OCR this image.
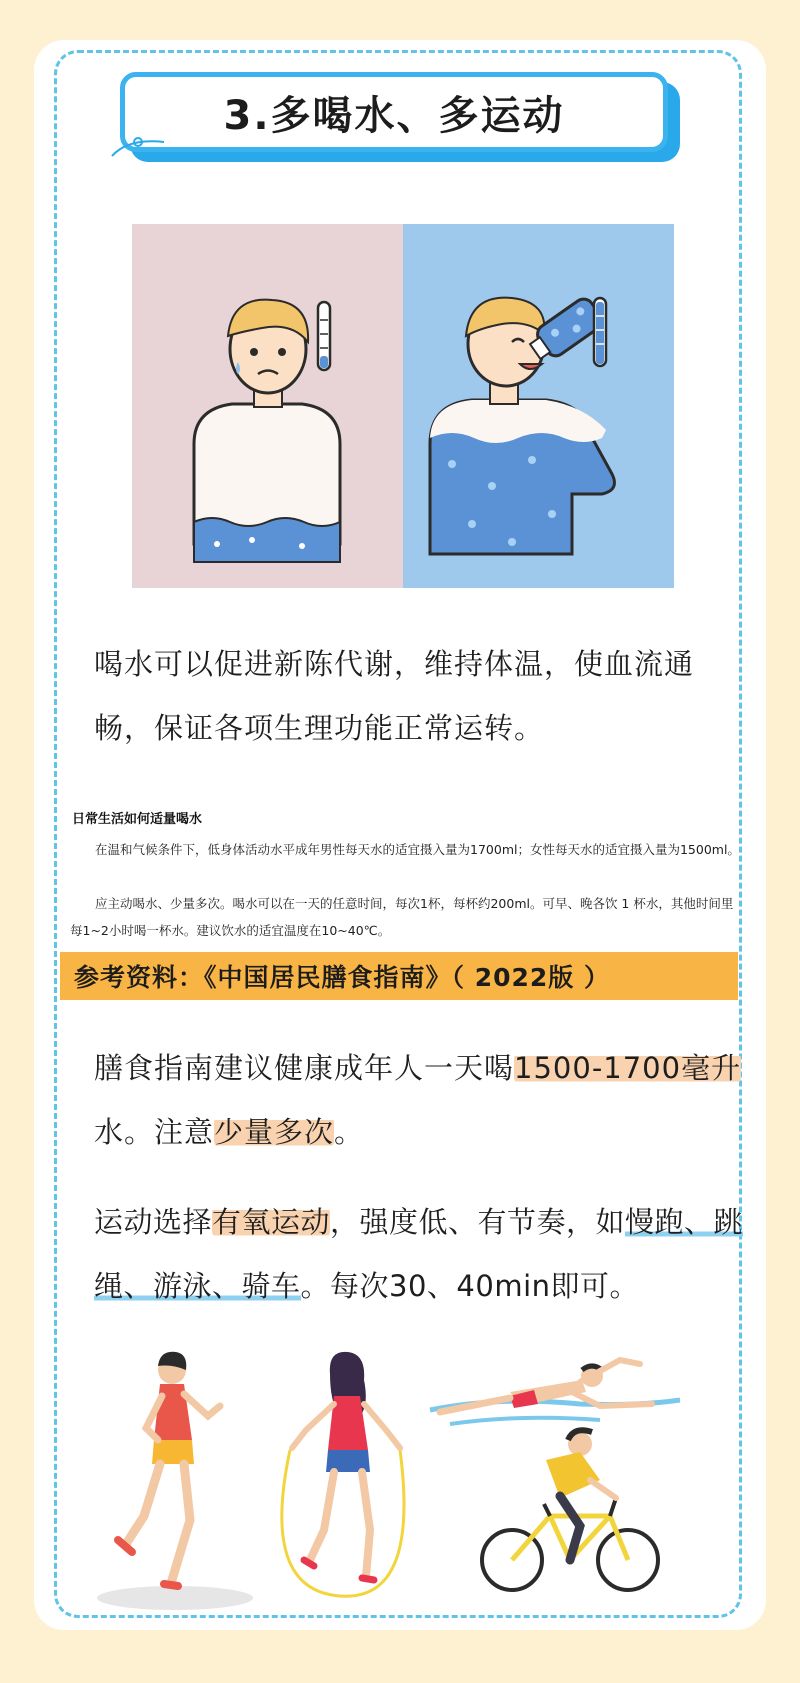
3.多喝水、多运动
喝水可以促进新陈代谢，维持体温，使血流通畅，保证各项生理功能正常运转。
日常生活如何适量喝水
在温和气候条件下，低身体活动水平成年男性每天水的适宜摄入量为1700ml；女性每天水的适宜摄入量为1500ml。
应主动喝水、少量多次。喝水可以在一天的任意时间，每次1杯，每杯约200ml。可早、晚各饮 1 杯水，其他时间里每1~2小时喝一杯水。建议饮水的适宜温度在10~40℃。
参考资料：《中国居民膳食指南》（ 2022版 ）
膳食指南建议健康成年人一天喝1500-1700毫升水。注意少量多次。
运动选择有氧运动，强度低、有节奏，如慢跑、跳绳、游泳、骑车。每次30、40min即可。
